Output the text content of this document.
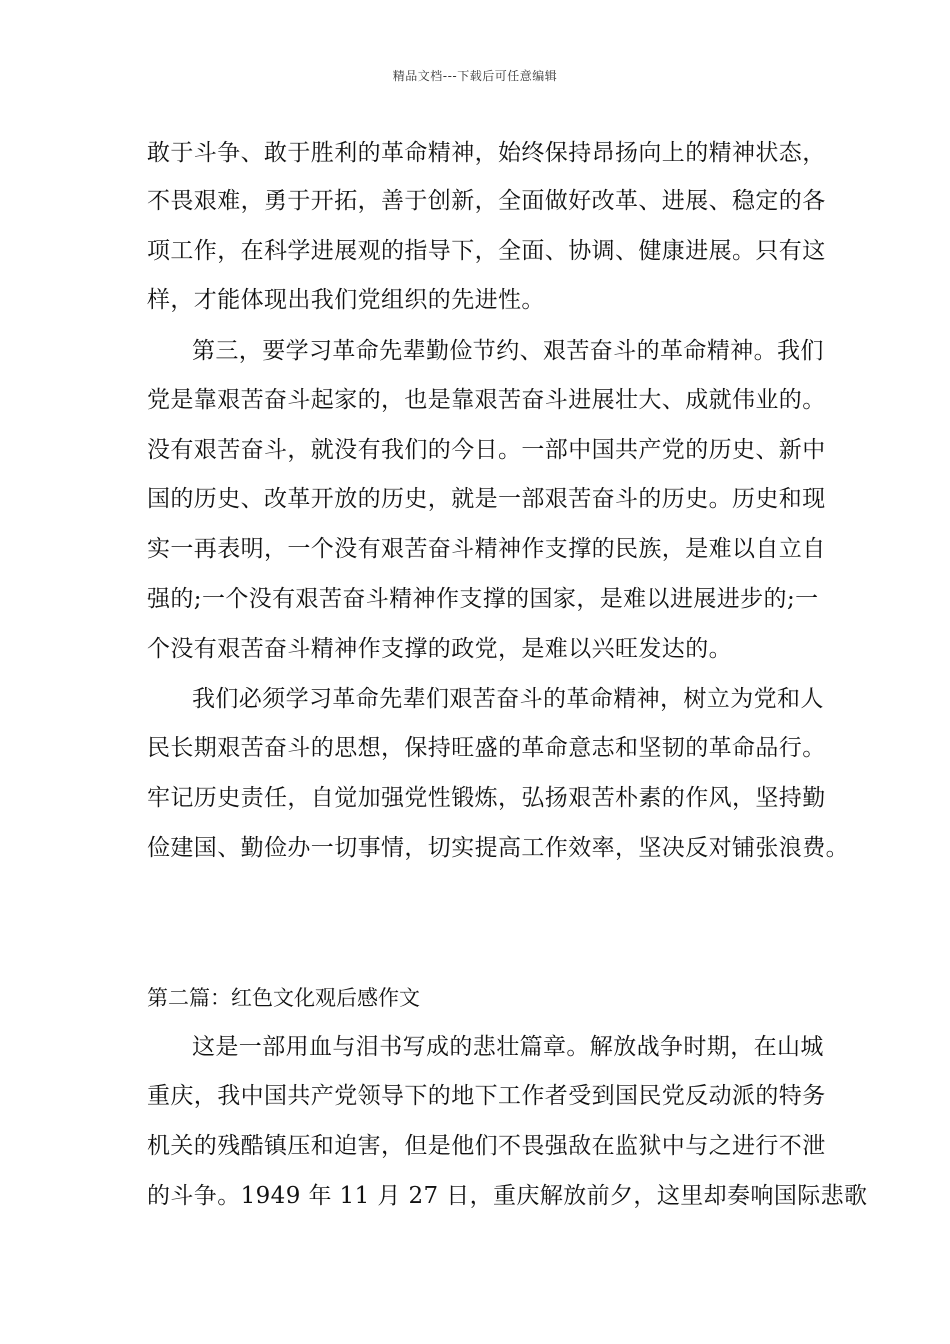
精品文档---下载后可任意编辑
敢于斗争、敢于胜利的革命精神，始终保持昂扬向上的精神状态，
不畏艰难，勇于开拓，善于创新，全面做好改革、进展、稳定的各
项工作，在科学进展观的指导下，全面、协调、健康进展。只有这
样，才能体现出我们党组织的先进性。
第三，要学习革命先辈勤俭节约、艰苦奋斗的革命精神。我们
党是靠艰苦奋斗起家的，也是靠艰苦奋斗进展壮大、成就伟业的。
没有艰苦奋斗，就没有我们的今日。一部中国共产党的历史、新中
国的历史、改革开放的历史，就是一部艰苦奋斗的历史。历史和现
实一再表明，一个没有艰苦奋斗精神作支撑的民族，是难以自立自
强的;一个没有艰苦奋斗精神作支撑的国家，是难以进展进步的;一
个没有艰苦奋斗精神作支撑的政党，是难以兴旺发达的。
我们必须学习革命先辈们艰苦奋斗的革命精神，树立为党和人
民长期艰苦奋斗的思想，保持旺盛的革命意志和坚韧的革命品行。
牢记历史责任，自觉加强党性锻炼，弘扬艰苦朴素的作风，坚持勤
俭建国、勤俭办一切事情，切实提高工作效率，坚决反对铺张浪费。
第二篇：红色文化观后感作文
这是一部用血与泪书写成的悲壮篇章。解放战争时期，在山城
重庆，我中国共产党领导下的地下工作者受到国民党反动派的特务
机关的残酷镇压和迫害，但是他们不畏强敌在监狱中与之进行不泄
的斗争。1949 年 11 月 27 日，重庆解放前夕，这里却奏响国际悲歌
